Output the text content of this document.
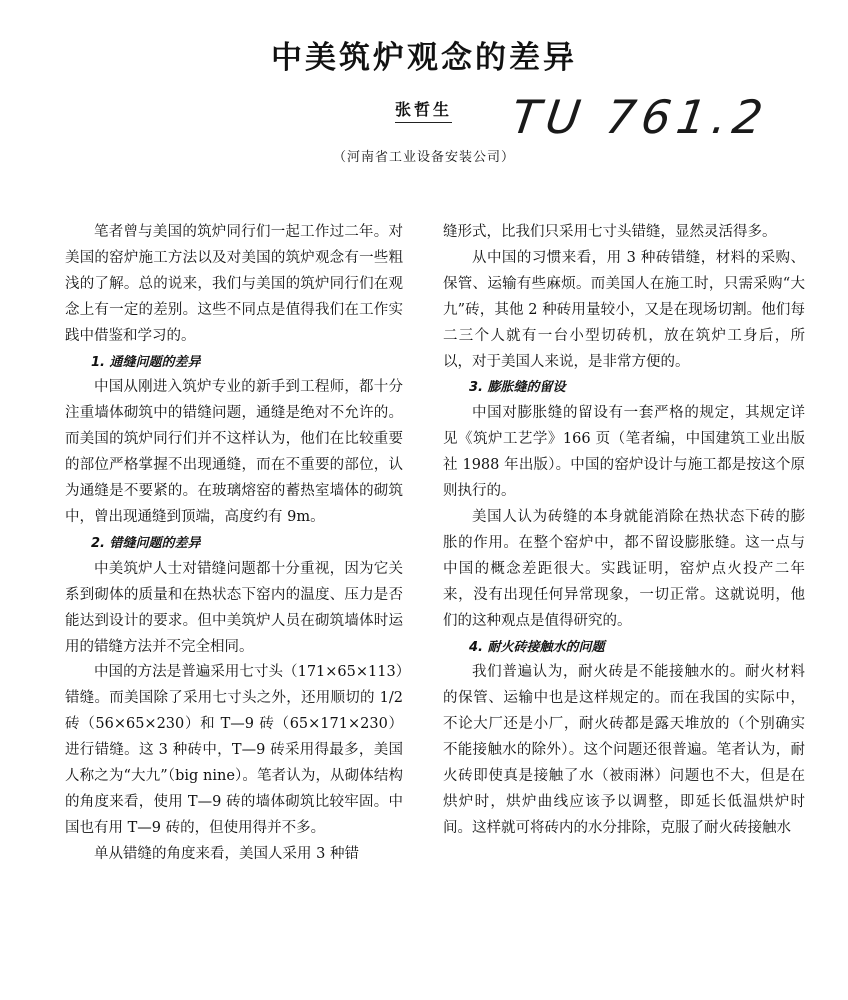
中美筑炉观念的差异
张哲生 TU 761.2
（河南省工业设备安装公司）

笔者曾与美国的筑炉同行们一起工作过二年。对美国的窑炉施工方法以及对美国的筑炉观念有一些粗浅的了解。总的说来，我们与美国的筑炉同行们在观念上有一定的差别。这些不同点是值得我们在工作实践中借鉴和学习的。

1. 通缝问题的差异

中国从刚进入筑炉专业的新手到工程师，都十分注重墙体砌筑中的错缝问题，通缝是绝对不允许的。而美国的筑炉同行们并不这样认为，他们在比较重要的部位严格掌握不出现通缝，而在不重要的部位，认为通缝是不要紧的。在玻璃熔窑的蓄热室墙体的砌筑中，曾出现通缝到顶端，高度约有 9m。

2. 错缝问题的差异

中美筑炉人士对错缝问题都十分重视，因为它关系到砌体的质量和在热状态下窑内的温度、压力是否能达到设计的要求。但中美筑炉人员在砌筑墙体时运用的错缝方法并不完全相同。

中国的方法是普遍采用七寸头（171×65×113）错缝。而美国除了采用七寸头之外，还用顺切的 1/2 砖（56×65×230）和 T—9 砖（65×171×230）进行错缝。这 3 种砖中，T—9 砖采用得最多，美国人称之为“大九”（big nine）。笔者认为，从砌体结构的角度来看，使用 T—9 砖的墙体砌筑比较牢固。中国也有用 T—9 砖的，但使用得并不多。

单从错缝的角度来看，美国人采用 3 种错

缝形式，比我们只采用七寸头错缝，显然灵活得多。

从中国的习惯来看，用 3 种砖错缝，材料的采购、保管、运输有些麻烦。而美国人在施工时，只需采购“大九”砖，其他 2 种砖用量较小，又是在现场切割。他们每二三个人就有一台小型切砖机，放在筑炉工身后，所以，对于美国人来说，是非常方便的。

3. 膨胀缝的留设

中国对膨胀缝的留设有一套严格的规定，其规定详见《筑炉工艺学》166 页（笔者编，中国建筑工业出版社 1988 年出版）。中国的窑炉设计与施工都是按这个原则执行的。

美国人认为砖缝的本身就能消除在热状态下砖的膨胀的作用。在整个窑炉中，都不留设膨胀缝。这一点与中国的概念差距很大。实践证明，窑炉点火投产二年来，没有出现任何异常现象，一切正常。这就说明，他们的这种观点是值得研究的。

4. 耐火砖接触水的问题

我们普遍认为，耐火砖是不能接触水的。耐火材料的保管、运输中也是这样规定的。而在我国的实际中，不论大厂还是小厂，耐火砖都是露天堆放的（个别确实不能接触水的除外）。这个问题还很普遍。笔者认为，耐火砖即使真是接触了水（被雨淋）问题也不大，但是在烘炉时，烘炉曲线应该予以调整，即延长低温烘炉时间。这样就可将砖内的水分排除，克服了耐火砖接触水
